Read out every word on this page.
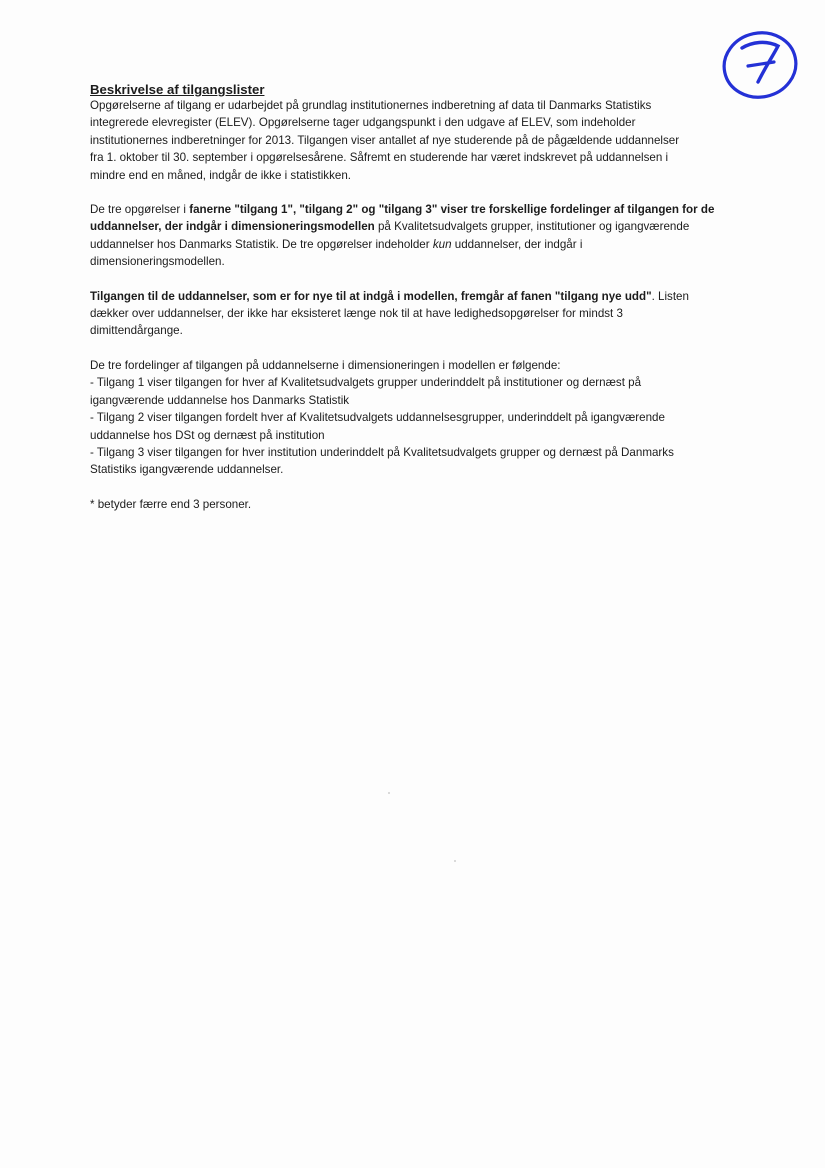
Beskrivelse af tilgangslister

Opgørelserne af tilgang er udarbejdet på grundlag institutionernes indberetning af data til Danmarks Statistiks
integrerede elevregister (ELEV). Opgørelserne tager udgangspunkt i den udgave af ELEV, som indeholder
institutionernes indberetninger for 2013. Tilgangen viser antallet af nye studerende på de pågældende uddannelser
fra 1. oktober til 30. september i opgørelsesårene. Såfremt en studerende har været indskrevet på uddannelsen i
mindre end en måned, indgår de ikke i statistikken.

De tre opgørelser i fanerne "tilgang 1", "tilgang 2" og "tilgang 3" viser tre forskellige fordelinger af tilgangen for de
uddannelser, der indgår i dimensioneringsmodellen på Kvalitetsudvalgets grupper, institutioner og igangværende
uddannelser hos Danmarks Statistik. De tre opgørelser indeholder kun uddannelser, der indgår i
dimensioneringsmodellen.

Tilgangen til de uddannelser, som er for nye til at indgå i modellen, fremgår af fanen "tilgang nye udd". Listen
dækker over uddannelser, der ikke har eksisteret længe nok til at have ledighedsopgørelser for mindst 3
dimittendårgange.

De tre fordelinger af tilgangen på uddannelserne i dimensioneringen i modellen er følgende:
- Tilgang 1 viser tilgangen for hver af Kvalitetsudvalgets grupper underinddelt på institutioner og dernæst på
igangværende uddannelse hos Danmarks Statistik
- Tilgang 2 viser tilgangen fordelt hver af Kvalitetsudvalgets uddannelsesgrupper, underinddelt på igangværende
uddannelse hos DSt og dernæst på institution
- Tilgang 3 viser tilgangen for hver institution underinddelt på Kvalitetsudvalgets grupper og dernæst på Danmarks
Statistiks igangværende uddannelser.

* betyder færre end 3 personer.
